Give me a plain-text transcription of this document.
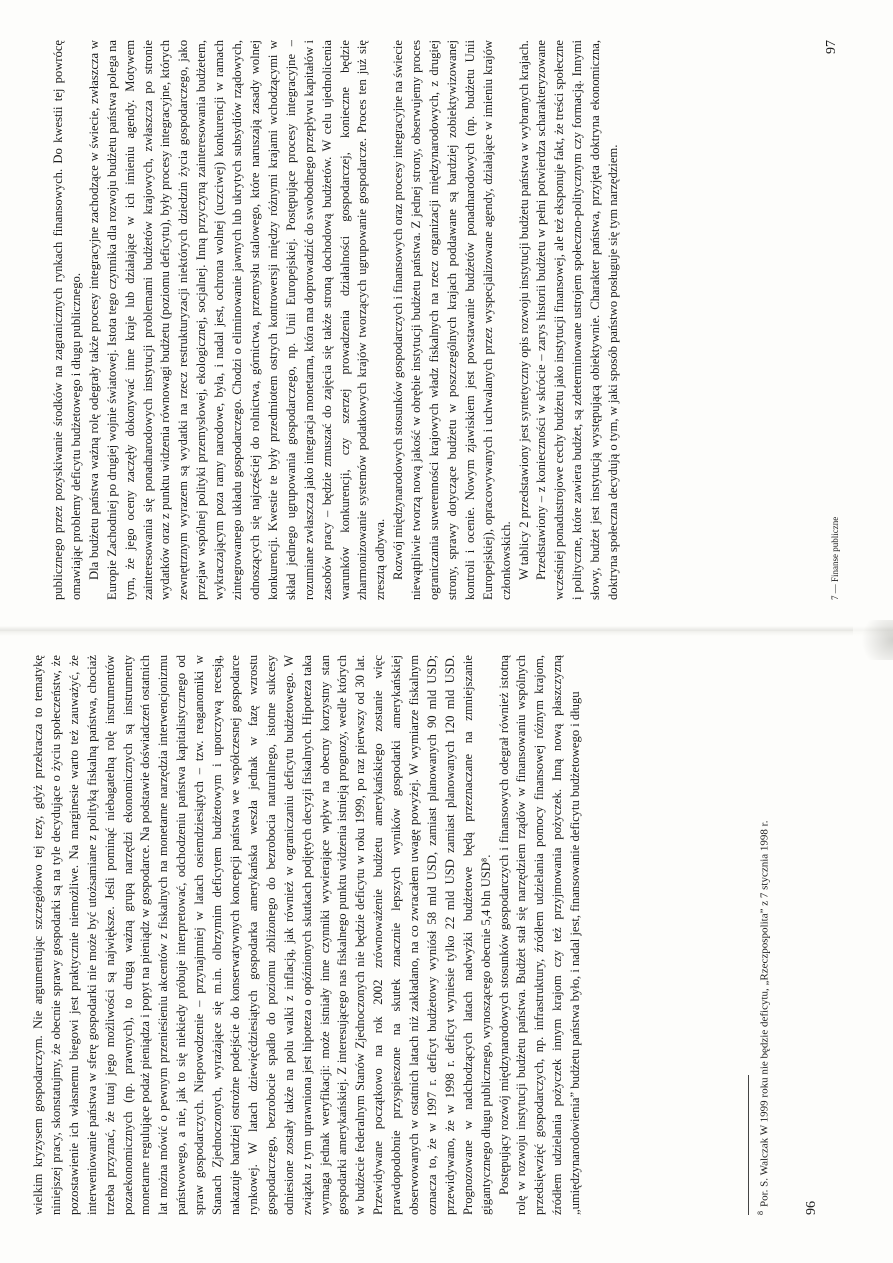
publicznego przez pozyskiwanie środków na zagranicznych rynkach finansowych. Do kwestii tej powrócę omawiając problemy deficytu budżetowego i długu publicznego. Dla budżetu państwa ważną rolę odegrały także procesy integracyjne zachodzące w świecie, zwłaszcza w Europie Zachodniej po drugiej wojnie światowej. Istota tego czynnika dla rozwoju budżetu państwa polega na tym, że jego oceny zaczęły dokonywać inne kraje lub działające w ich imieniu agendy. Motywem zainteresowania się ponadnarodowych instytucji problemami budżetów krajowych, zwłaszcza po stronie wydatków oraz z punktu widzenia równowagi budżetu (poziomu deficytu), były procesy integracyjne, których zewnętrznym wyrazem są wydatki na rzecz restrukturyzacji niektórych dziedzin życia gospodarczego, jako przejaw wspólnej polityki przemysłowej, ekologicznej, socjalnej. Inną przyczyną zainteresowania budżetem, wykraczającym poza ramy narodowe, była, i nadal jest, ochrona wolnej (uczciwej) konkurencji w ramach zintegrowanego układu gospodarczego. Chodzi o eliminowanie jawnych lub ukrytych subsydiów rządowych, odnoszących się najczęściej do rolnictwa, górnictwa, przemysłu stalowego, które naruszają zasady wolnej konkurencji. Kwestie te były przedmiotem ostrych kontrowersji między różnymi krajami wchodzącymi w skład jednego ugrupowania gospodarczego, np. Unii Europejskiej. Postępujące procesy integracyjne – rozumiane zwłaszcza jako integracja monetarna, która ma doprowadzić do swobodnego przepływu kapitałów i zasobów pracy – będzie zmuszać do zajęcia się także stroną dochodową budżetów. W celu ujednolicenia warunków konkurencji, czy szerzej prowadzenia działalności gospodarczej, konieczne będzie zharmonizowanie systemów podatkowych krajów tworzących ugrupowanie gospodarcze. Proces ten już się zresztą odbywa. Rozwój międzynarodowych stosunków gospodarczych i finansowych oraz procesy integracyjne na świecie niewątpliwie tworzą nową jakość w obrębie instytucji budżetu państwa. Z jednej strony, obserwujemy proces ograniczania suwerenności krajowych władz fiskalnych na rzecz organizacji międzynarodowych, z drugiej strony, sprawy dotyczące budżetu w poszczególnych krajach poddawane są bardziej zobiektywizowanej kontroli i ocenie. Nowym zjawiskiem jest powstawanie budżetów ponadnarodowych (np. budżetu Unii Europejskiej), opracowywanych i uchwalanych przez wyspecjalizowane agendy, działające w imieniu krajów członkowskich. W tablicy 2 przedstawiony jest syntetyczny opis rozwoju instytucji budżetu państwa w wybranych krajach. Przedstawiony – z konieczności w skrócie – zarys historii budżetu w pełni potwierdza scharakteryzowane wcześniej ponadustrojowe cechy budżetu jako instytucji finansowej, ale też eksponuje fakt, że treści społeczne i polityczne, które zawiera budżet, są zdeterminowane ustrojem społeczno-politycznym czy formacją. Innymi słowy, budżet jest instytucją występującą obiektywnie. Charakter państwa, przyjęta doktryna ekonomiczna, doktryna społeczna decydują o tym, w jaki sposób państwo posługuje się tym narzędziem.	7 — Finanse publiczne
97

wielkim kryzysem gospodarczym. Nie argumentując szczegółowo tej tezy, gdyż przekracza to tematykę niniejszej pracy, skonstatujmy, że obecnie sprawy gospodarki są na tyle decydujące o życiu społeczeństw, że pozostawienie ich własnemu biegowi jest praktycznie niemożliwe. Na marginesie warto też zauważyć, że interweniowanie państwa w sferę gospodarki nie może być utożsamiane z polityką fiskalną państwa, chociaż trzeba przyznać, że tutaj jego możliwości są największe. Jeśli pominąć niebagatelną rolę instrumentów pozaekonomicznych (np. prawnych), to drugą ważną grupą narzędzi ekonomicznych są instrumenty monetarne regulujące podaż pieniądza i popyt na pieniądz w gospodarce. Na podstawie doświadczeń ostatnich lat można mówić o pewnym przenieśieniu akcentów z fiskalnych na monetarne narzędzia interwencjonizmu państwowego, a nie, jak to się niekiedy próbuje interpretować, odchodzeniu państwa kapitalistycznego od spraw gospodarczych. Niepowodzenie – przynajmniej w latach osiemdziesiątych – tzw. reaganomiki w Stanach Zjednoczonych, wyrażające się m.in. olbrzymim deficytem budżetowym i uporczywą recesją, nakazuje bardziej ostrożne podejście do konserwatywnych koncepcji państwa we współczesnej gospodarce rynkowej. W latach dziewięćdziesiątych gospodarka amerykańska weszła jednak w fazę wzrostu gospodarczego, bezrobocie spadło do poziomu zbliżonego do bezrobocia naturalnego, istotne sukcesy odniesione zostały także na polu walki z inflacją, jak również w ograniczaniu deficytu budżetowego. W związku z tym uprawniona jest hipoteza o opóźnionych skutkach podjętych decyzji fiskalnych. Hipoteza taka wymaga jednak weryfikacji: może istniały inne czynniki wywierające wpływ na obecny korzystny stan gospodarki amerykańskiej. Z interesującego nas fiskalnego punktu widzenia istnieją prognozy, wedle których w budżecie federalnym Stanów Zjednoczonych nie będzie deficytu w roku 1999, po raz pierwszy od 30 lat. Przewidywane początkowo na rok 2002 zrównoważenie budżetu amerykańskiego zostanie więc prawdopodobnie przyspieszone na skutek znacznie lepszych wyników gospodarki amerykańskiej obserwowanych w ostatnich latach niż zakładano, na co zwracałem uwagę powyżej. W wymiarze fiskalnym oznacza to, że w 1997 r. deficyt budżetowy wyniósł 58 mld USD, zamiast planowanych 90 mld USD; przewidywano, że w 1998 r. deficyt wyniesie tylko 22 mld USD zamiast planowanych 120 mld USD. Prognozowane w nadchodzących latach nadwyżki budżetowe będą przeznaczane na zmniejszanie gigantycznego długu publicznego, wynoszącego obecnie 5,4 bln USD⁸. Postępujący rozwój międzynarodowych stosunków gospodarczych i finansowych odegrał również istotną rolę w rozwoju instytucji budżetu państwa. Budżet stał się narzędziem rządów w finansowaniu wspólnych przedsięwzięć gospodarczych, np. infrastruktury, źródłem udzielania pomocy finansowej różnym krajom, źródłem udzielania pożyczek innym krajom czy też przyjmowania pożyczek. Inną nową płaszczyzną „umiędzynarodowienia” budżetu państwa było, i nadal jest, finansowanie deficytu budżetowego i długu	$^8$Por. S. Walczak W 1999 roku nie będzie deficytu, „Rzeczpospolita” z 7 stycznia 1998 r.
96
